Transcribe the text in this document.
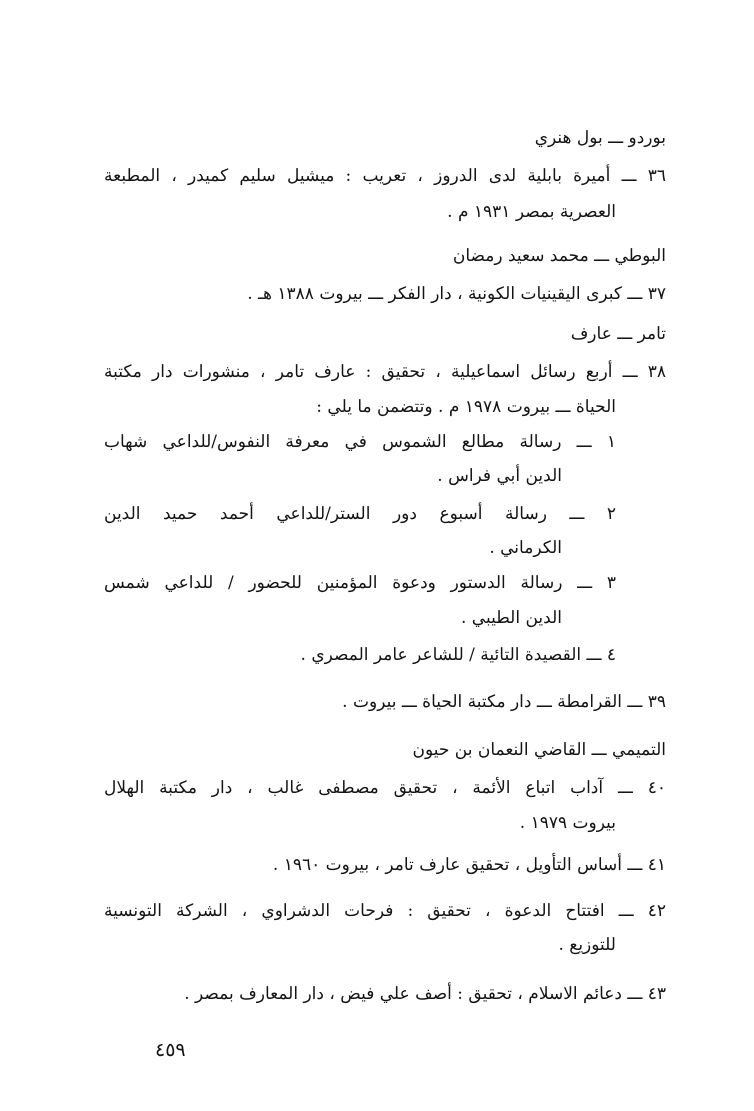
بوردو ـــ بول هنري
٣٦ ـــ أميرة بابلية لدى الدروز ، تعريب : ميشيل سليم كميدر ، المطبعة
العصرية بمصر ١٩٣١ م .
البوطي ـــ محمد سعيد رمضان
٣٧ ـــ كبرى اليقينيات الكونية ، دار الفكر ـــ بيروت ١٣٨٨ هـ .
تامر ـــ عارف
٣٨ ـــ أربع رسائل اسماعيلية ، تحقيق : عارف تامر ، منشورات دار مكتبة
الحياة ـــ بيروت ١٩٧٨ م . وتتضمن ما يلي :
١ ـــ رسالة مطالع الشموس في معرفة النفوس/للداعي شهاب
الدين أبي فراس .
٢ ـــ رسالة أسبوع دور الستر/للداعي أحمد حميد الدين
الكرماني .
٣ ـــ رسالة الدستور ودعوة المؤمنين للحضور / للداعي شمس
الدين الطيبي .
٤ ـــ القصيدة التائية / للشاعر عامر المصري .
٣٩ ـــ القرامطة ـــ دار مكتبة الحياة ـــ بيروت .
التميمي ـــ القاضي النعمان بن حيون
٤٠ ـــ آداب اتباع الأئمة ، تحقيق مصطفى غالب ، دار مكتبة الهلال
بيروت ١٩٧٩ .
٤١ ـــ أساس التأويل ، تحقيق عارف تامر ، بيروت ١٩٦٠ .
٤٢ ـــ افتتاح الدعوة ، تحقيق : فرحات الدشراوي ، الشركة التونسية
للتوزيع .
٤٣ ـــ دعائم الاسلام ، تحقيق : أصف علي فيض ، دار المعارف بمصر .
٤٥٩
